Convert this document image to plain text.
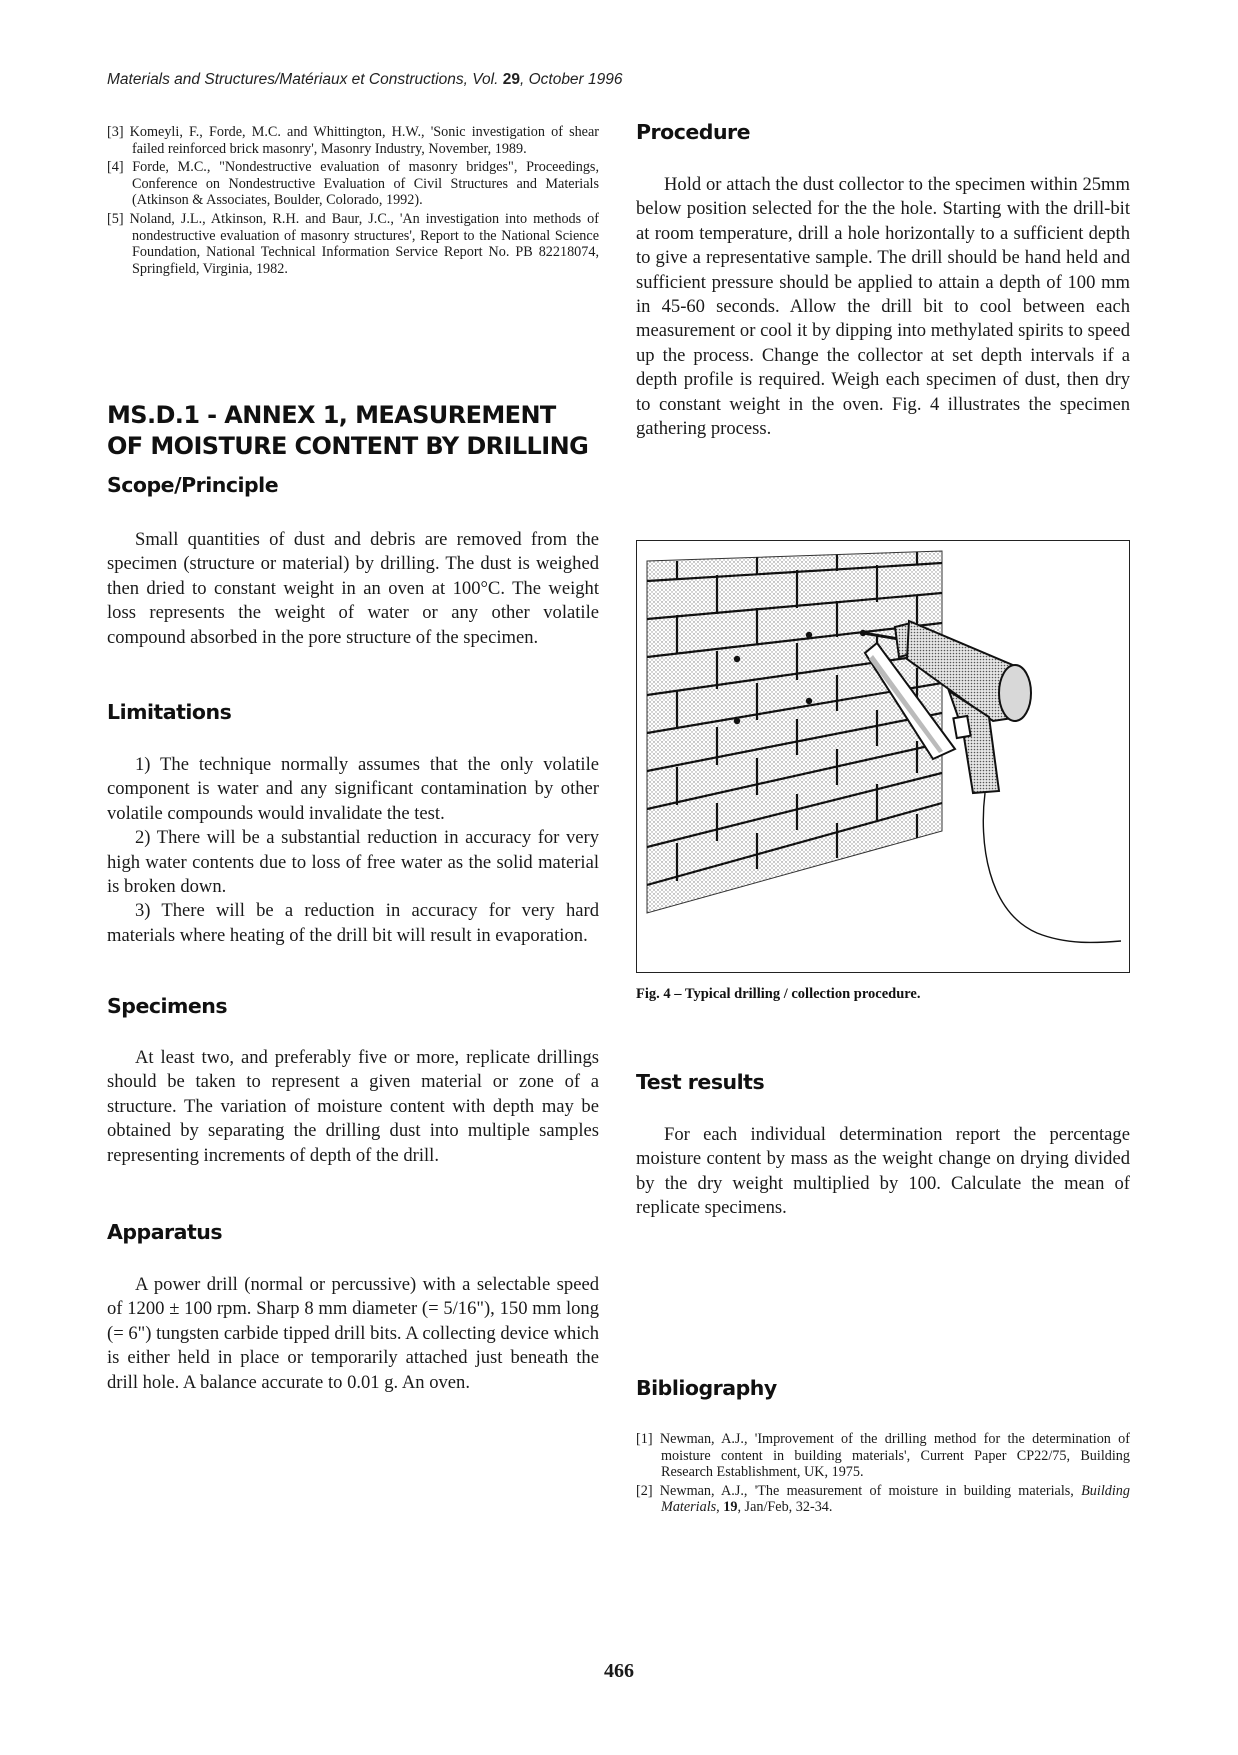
Materials and Structures/Matériaux et Constructions, Vol. 29, October 1996
[3] Komeyli, F., Forde, M.C. and Whittington, H.W., 'Sonic investigation of shear failed reinforced brick masonry', Masonry Industry, November, 1989.
[4] Forde, M.C., "Nondestructive evaluation of masonry bridges", Proceedings, Conference on Nondestructive Evaluation of Civil Structures and Materials (Atkinson & Associates, Boulder, Colorado, 1992).
[5] Noland, J.L., Atkinson, R.H. and Baur, J.C., 'An investigation into methods of nondestructive evaluation of masonry structures', Report to the National Science Foundation, National Technical Information Service Report No. PB 82218074, Springfield, Virginia, 1982.
MS.D.1 - ANNEX 1, MEASUREMENT OF MOISTURE CONTENT BY DRILLING
Scope/Principle

Small quantities of dust and debris are removed from the specimen (structure or material) by drilling. The dust is weighed then dried to constant weight in an oven at 100°C. The weight loss represents the weight of water or any other volatile compound absorbed in the pore structure of the specimen.

Limitations

1) The technique normally assumes that the only volatile component is water and any significant contamination by other volatile compounds would invalidate the test.

2) There will be a substantial reduction in accuracy for very high water contents due to loss of free water as the solid material is broken down.

3) There will be a reduction in accuracy for very hard materials where heating of the drill bit will result in evaporation.

Specimens

At least two, and preferably five or more, replicate drillings should be taken to represent a given material or zone of a structure. The variation of moisture content with depth may be obtained by separating the drilling dust into multiple samples representing increments of depth of the drill.

Apparatus

A power drill (normal or percussive) with a selectable speed of 1200 ± 100 rpm. Sharp 8 mm diameter (= 5/16"), 150 mm long (= 6") tungsten carbide tipped drill bits. A collecting device which is either held in place or temporarily attached just beneath the drill hole. A balance accurate to 0.01 g. An oven.

Procedure

Hold or attach the dust collector to the specimen within 25mm below position selected for the the hole. Starting with the drill-bit at room temperature, drill a hole horizontally to a sufficient depth to give a representative sample. The drill should be hand held and sufficient pressure should be applied to attain a depth of 100 mm in 45-60 seconds. Allow the drill bit to cool between each measurement or cool it by dipping into methylated spirits to speed up the process. Change the collector at set depth intervals if a depth profile is required. Weigh each specimen of dust, then dry to constant weight in the oven. Fig. 4 illustrates the specimen gathering process.

Fig. 4 – Typical drilling / collection procedure.
Test results

For each individual determination report the percentage moisture content by mass as the weight change on drying divided by the dry weight multiplied by 100. Calculate the mean of replicate specimens.

Bibliography
[1] Newman, A.J., 'Improvement of the drilling method for the determination of moisture content in building materials', Current Paper CP22/75, Building Research Establishment, UK, 1975.
[2] Newman, A.J., 'The measurement of moisture in building materials, Building Materials, 19, Jan/Feb, 32-34.
466
